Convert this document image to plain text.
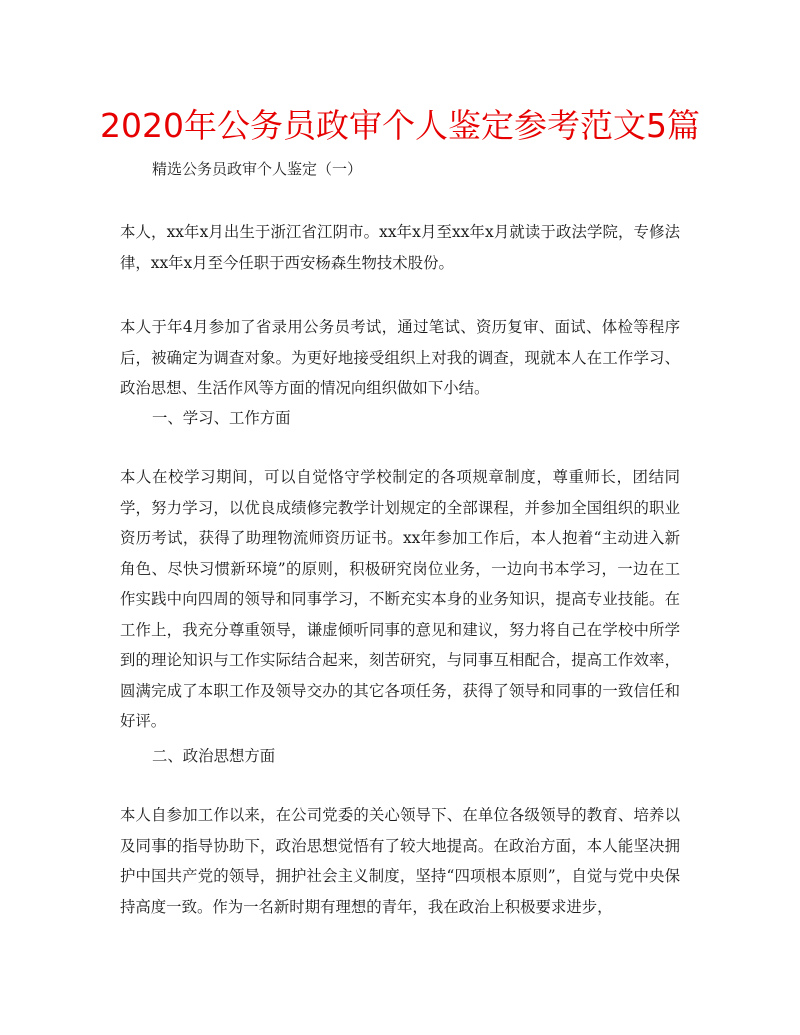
2020年公务员政审个人鉴定参考范文5篇
精选公务员政审个人鉴定（一）

本人，xx年x月出生于浙江省江阴市。xx年x月至xx年x月就读于政法学院，专修法律，xx年x月至今任职于西安杨森生物技术股份。

本人于年4月参加了省录用公务员考试，通过笔试、资历复审、面试、体检等程序后，被确定为调查对象。为更好地接受组织上对我的调查，现就本人在工作学习、政治思想、生活作风等方面的情况向组织做如下小结。

一、学习、工作方面

本人在校学习期间，可以自觉恪守学校制定的各项规章制度，尊重师长，团结同学，努力学习，以优良成绩修完教学计划规定的全部课程，并参加全国组织的职业资历考试，获得了助理物流师资历证书。xx年参加工作后，本人抱着“主动进入新角色、尽快习惯新环境”的原则，积极研究岗位业务，一边向书本学习，一边在工作实践中向四周的领导和同事学习，不断充实本身的业务知识，提高专业技能。在工作上，我充分尊重领导，谦虚倾听同事的意见和建议，努力将自己在学校中所学到的理论知识与工作实际结合起来，刻苦研究，与同事互相配合，提高工作效率，圆满完成了本职工作及领导交办的其它各项任务，获得了领导和同事的一致信任和好评。

二、政治思想方面

本人自参加工作以来，在公司党委的关心领导下、在单位各级领导的教育、培养以及同事的指导协助下，政治思想觉悟有了较大地提高。在政治方面，本人能坚决拥护中国共产党的领导，拥护社会主义制度，坚持“四项根本原则”，自觉与党中央保持高度一致。作为一名新时期有理想的青年，我在政治上积极要求进步，
